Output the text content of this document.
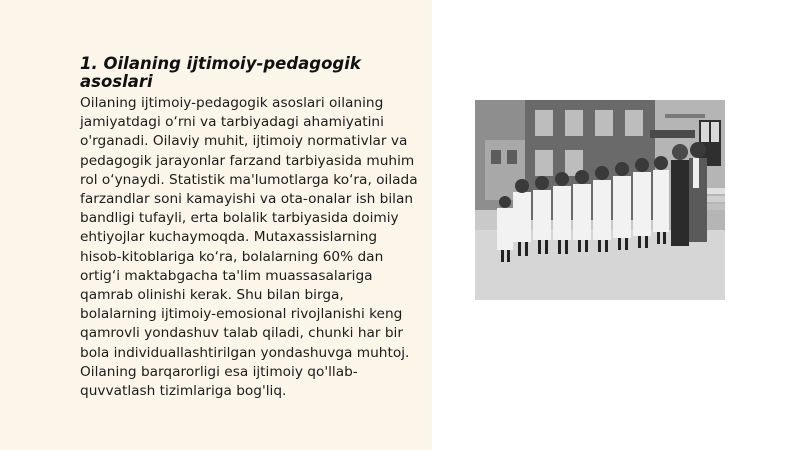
1. Oilaning ijtimoiy-pedagogik asoslari

Oilaning ijtimoiy-pedagogik asoslari oilaning jamiyatdagi o‘rni va tarbiyadagi ahamiyatini o'rganadi. Oilaviy muhit, ijtimoiy normativlar va pedagogik jarayonlar farzand tarbiyasida muhim rol o‘ynaydi. Statistik ma'lumotlarga ko‘ra, oilada farzandlar soni kamayishi va ota-onalar ish bilan bandligi tufayli, erta bolalik tarbiyasida doimiy ehtiyojlar kuchaymoqda. Mutaxassislarning hisob-kitoblariga ko‘ra, bolalarning 60% dan ortig‘i maktabgacha ta'lim muassasalariga qamrab olinishi kerak. Shu bilan birga, bolalarning ijtimoiy-emosional rivojlanishi keng qamrovli yondashuv talab qiladi, chunki har bir bola individuallashtirilgan yondashuvga muhtoj. Oilaning barqarorligi esa ijtimoiy qo'llab-quvvatlash tizimlariga bog'liq.
